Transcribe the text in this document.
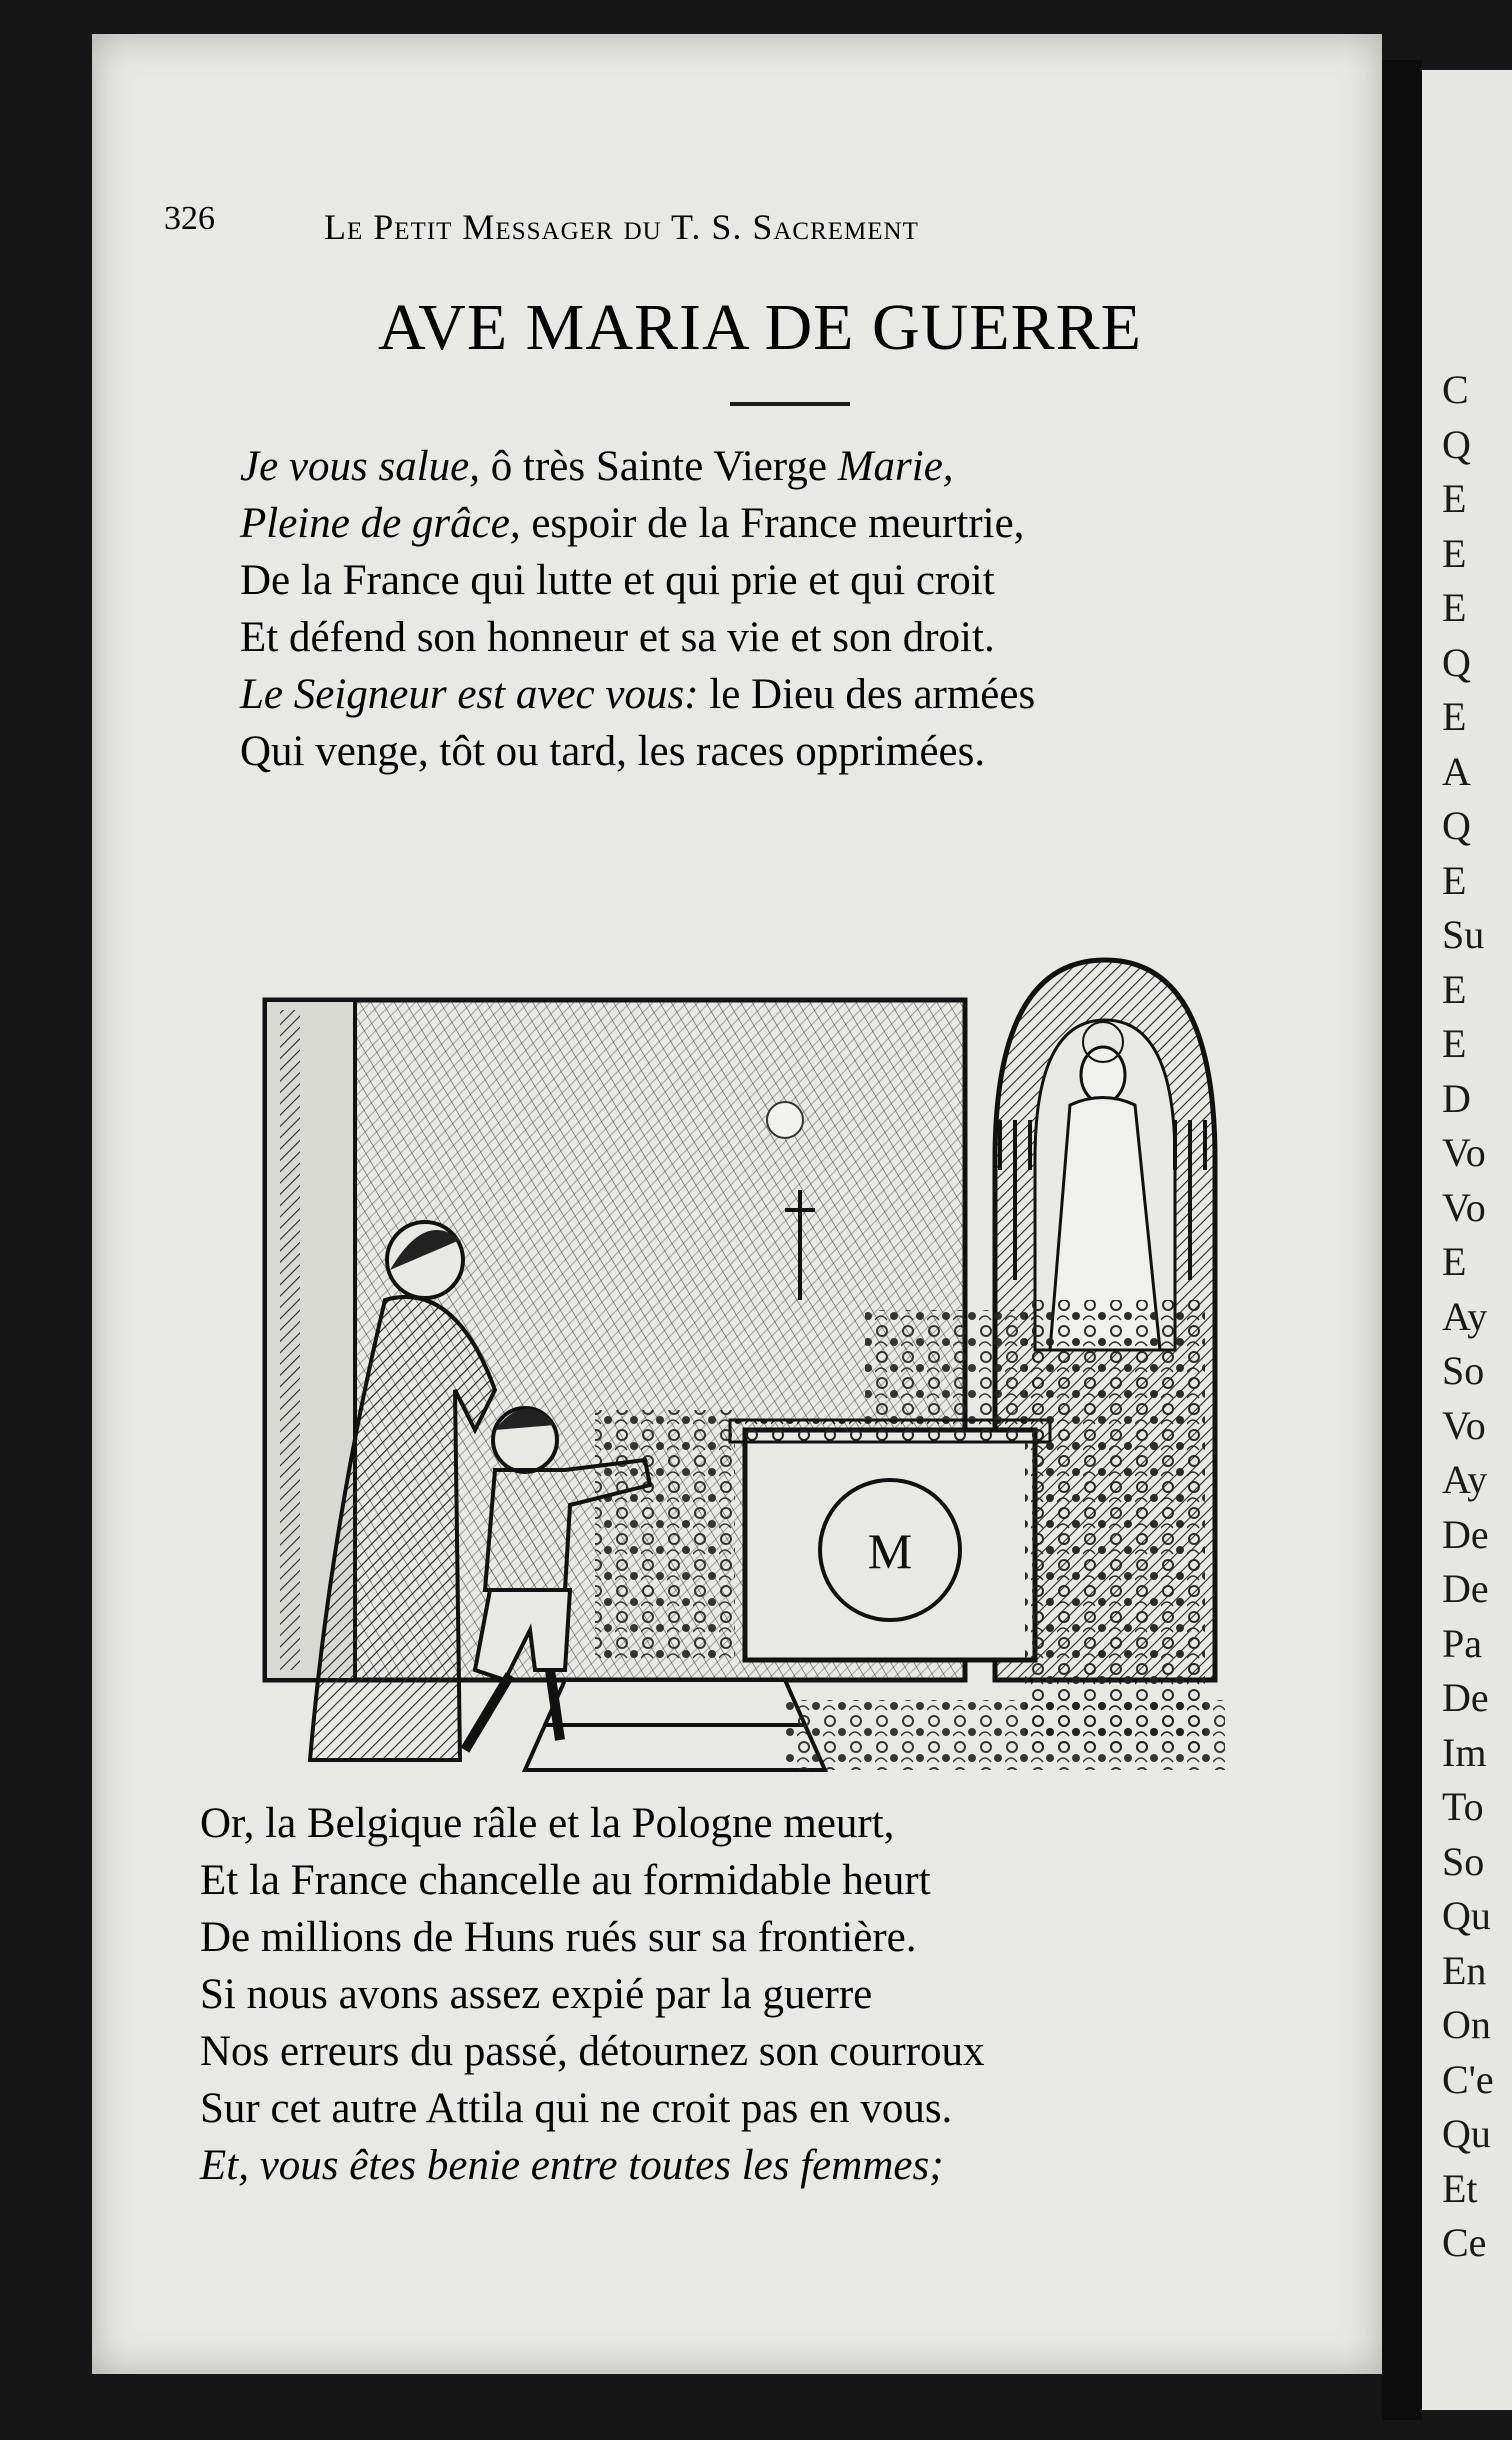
C
Q
E
E
E
Q
E
A
Q
E
Su
E
E
D
Vo
Vo
E
Ay
So
Vo
Ay
De
De
Pa
De
Im
To
So
Qu
En
On
C'e
Qu
Et
Ce
326	Le Petit Messager du T. S. Sacrement
AVE MARIA DE GUERRE
Je vous salue, ô très Sainte Vierge Marie,
Pleine de grâce, espoir de la France meurtrie,
De la France qui lutte et qui prie et qui croit
Et défend son honneur et sa vie et son droit.
Le Seigneur est avec vous: le Dieu des armées
Qui venge, tôt ou tard, les races opprimées.
M
Or, la Belgique râle et la Pologne meurt,
Et la France chancelle au formidable heurt
De millions de Huns rués sur sa frontière.
Si nous avons assez expié par la guerre
Nos erreurs du passé, détournez son courroux
Sur cet autre Attila qui ne croit pas en vous.
Et, vous êtes benie entre toutes les femmes;
